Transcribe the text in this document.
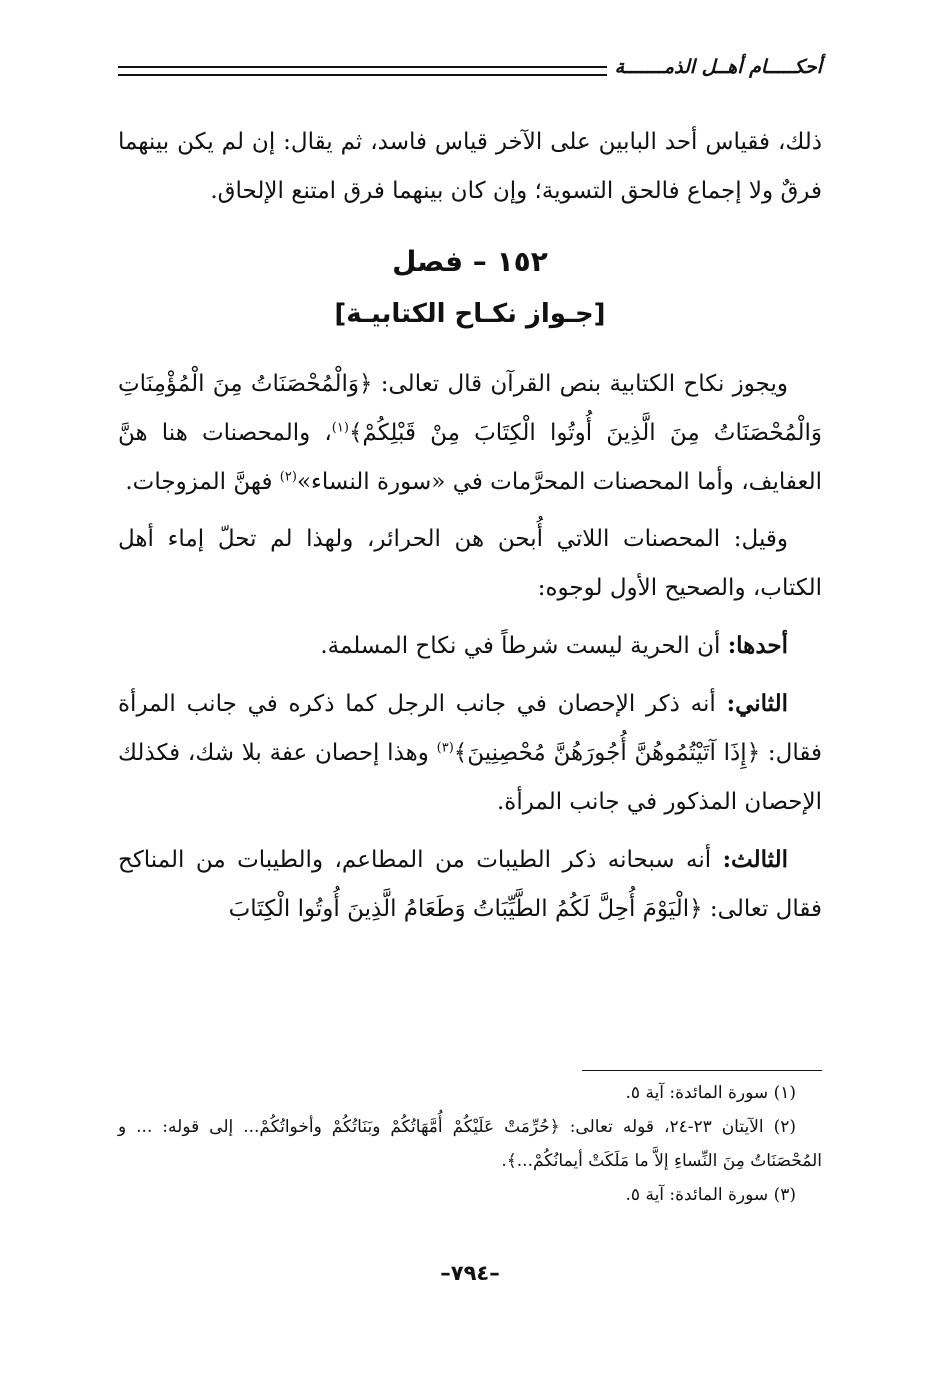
أحكـــــام أهــل الذمـــــــة

ذلك، فقياس أحد البابين على الآخر قياس فاسد، ثم يقال: إن لم يكن بينهما فرقٌ ولا إجماع فالحق التسوية؛ وإن كان بينهما فرق امتنع الإلحاق.

١٥٢ – فصل

[جـواز نكـاح الكتابيـة]

ويجوز نكاح الكتابية بنص القرآن قال تعالى: ﴿وَالْمُحْصَنَاتُ مِنَ الْمُؤْمِنَاتِ وَالْمُحْصَنَاتُ مِنَ الَّذِينَ أُوتُوا الْكِتَابَ مِنْ قَبْلِكُمْ﴾$^{(١)}$، والمحصنات هنا هنَّ العفايف، وأما المحصنات المحرَّمات في «سورة النساء»$^{(٢)}$ فهنَّ المزوجات.

وقيل: المحصنات اللاتي أُبحن هن الحرائر، ولهذا لم تحلّ إماء أهل الكتاب، والصحيح الأول لوجوه:

أحدها: أن الحرية ليست شرطاً في نكاح المسلمة.

الثاني: أنه ذكر الإحصان في جانب الرجل كما ذكره في جانب المرأة فقال: ﴿إِذَا آتَيْتُمُوهُنَّ أُجُورَهُنَّ مُحْصِنِينَ﴾$^{(٣)}$ وهذا إحصان عفة بلا شك، فكذلك الإحصان المذكور في جانب المرأة.

الثالث: أنه سبحانه ذكر الطيبات من المطاعم، والطيبات من المناكح فقال تعالى: ﴿الْيَوْمَ أُحِلَّ لَكُمُ الطَّيِّبَاتُ وَطَعَامُ الَّذِينَ أُوتُوا الْكِتَابَ

(١) سورة المائدة: آية ٥.

(٢) الآيتان ٢٣-٢٤، قوله تعالى: ﴿حُرِّمَتْ عَلَيْكُمْ أُمَّهَاتُكُمْ وبَنَاتُكُمْ وأخواتُكُمْ... إلى قوله: ... و المُحْصَنَاتُ مِنَ النِّساءِ إلاَّ ما مَلَكَتْ أيمانُكُمْ...﴾.

(٣) سورة المائدة: آية ٥.

–٧٩٤–
